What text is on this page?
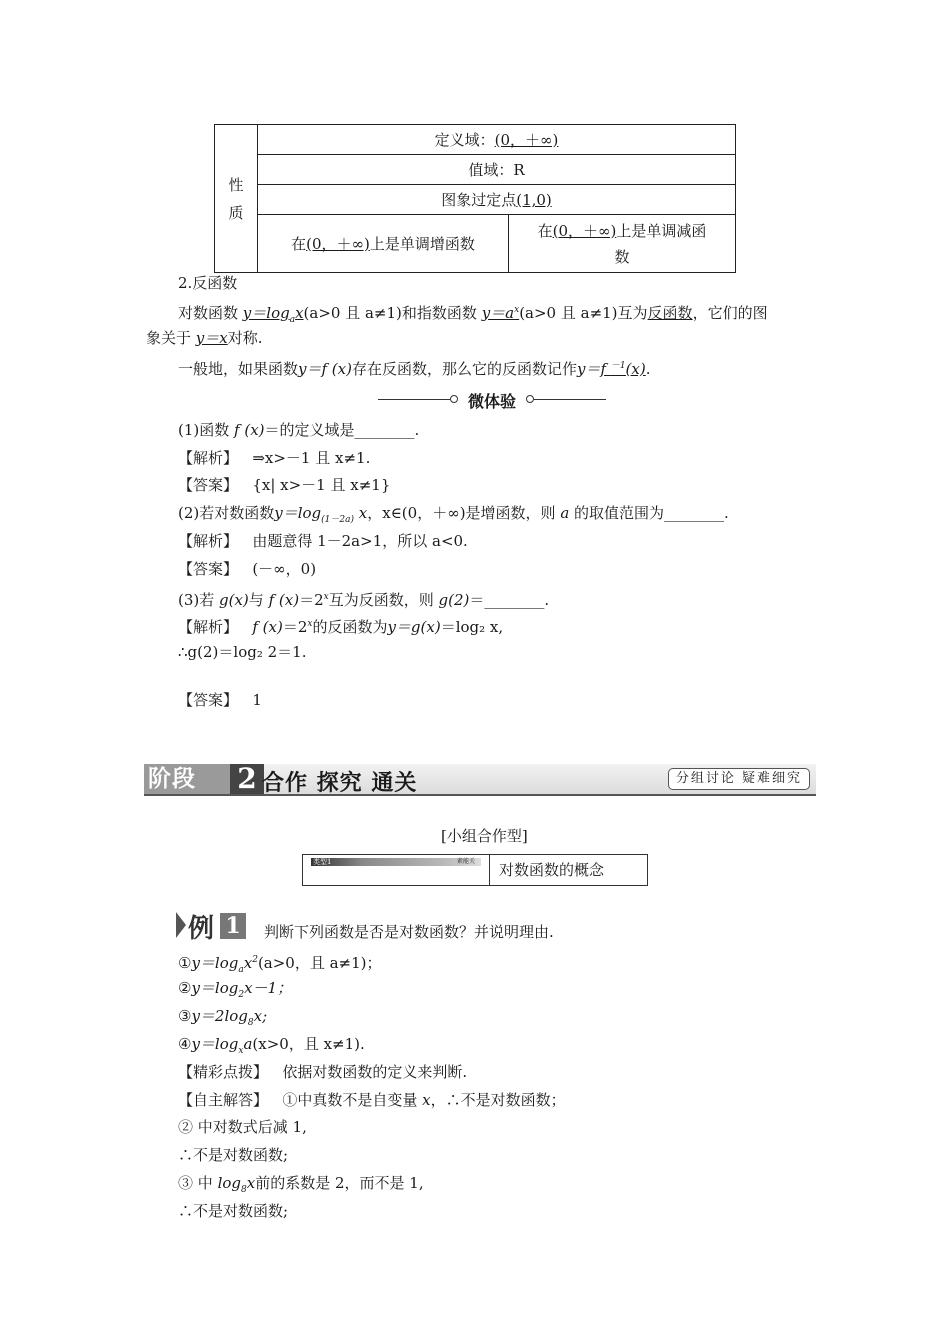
性
质	定义域：(0，＋∞)	
	值域：R	
	图象过定点(1,0)	
	在(0，＋∞)上是单调增函数	在(0，＋∞)上是单调减函
数
2.反函数
对数函数 $y=\log_ax(a>0$ 且 a≠1)和指数函数 $y=a^x(a>0$ 且 a≠1)互为反函数，它们的图
象关于 y＝x对称.
一般地，如果函数y＝f (x)存在反函数，那么它的反函数记作y＝f $^{-1}$(x).
微体验
(1)函数 f (x)＝的定义域是________.
【解析】 ⇒x>－1 且 x≠1.
【答案】 {x| x>－1 且 x≠1}
(2)若对数函数$y=\log_{(1-2a)}$ x，x∈(0，＋∞)是增函数，则 a 的取值范围为________.
【解析】 由题意得 1－2a>1，所以 a<0.
【答案】 (－∞，0)
(3)若 g(x)与 f $(x)=2^x$互为反函数，则 g(2)＝________.
【解析】 f $(x)=2^x$的反函数为y＝g(x)＝log₂ x,
∴g(2)＝log₂ 2＝1.
【答案】 1
阶段	2 合作 探究 通关	分组讨论 疑难细究
[小组合作型]
类型1	素能关 对数函数的概念
例 1	判断下列函数是否是对数函数？并说明理由.
$①y=\log_ax^2(a>0$，且 a≠1)；
$②y=\log_2x-1$；
$③y=2\log_8x$;
$④y=\log_xa(x>0$，且 x≠1).
【精彩点拨】 依据对数函数的定义来判断.
【自主解答】 ①中真数不是自变量 x，∴不是对数函数；
② 中对数式后减 1,
∴不是对数函数;
③ 中 $\log_8x$前的系数是 2，而不是 1,
∴不是对数函数;
